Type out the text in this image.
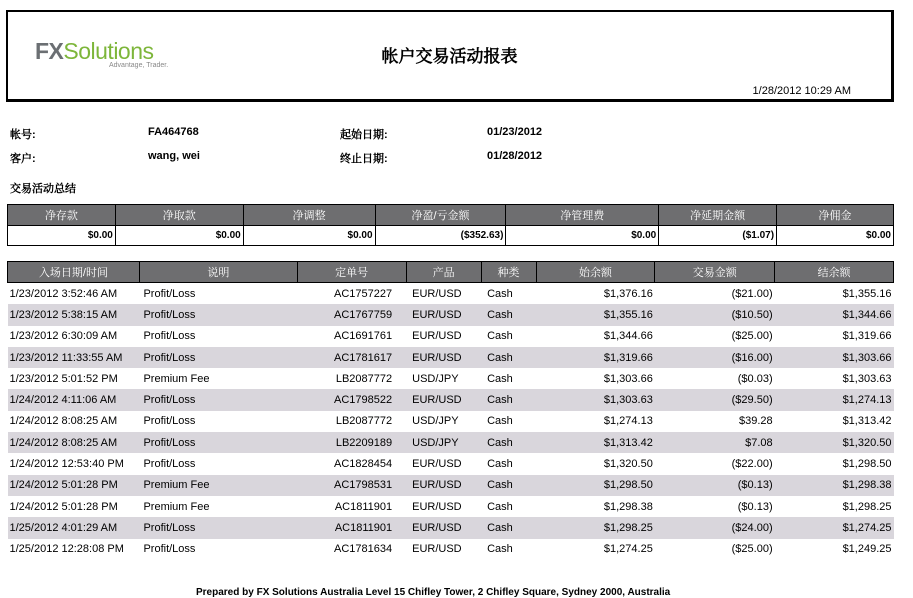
FXSolutions
Advantage, Trader.	帐户交易活动报表
1/28/2012 10:29 AM
帐号:	FA464768
客户:	wang, wei
起始日期:	01/23/2012
终止日期:	01/28/2012
交易活动总结
净存款	净取款	净调整	净盈/亏金额	净管理费	净延期金额	净佣金
$0.00	$0.00	$0.00	($352.63)	$0.00	($1.07)	$0.00
入场日期/时间	说明	定单号	产品	种类	始余额	交易金额	结余额
1/23/2012 3:52:46 AM	Profit/Loss	AC1757227	EUR/USD	Cash	$1,376.16	($21.00)	$1,355.16
1/23/2012 5:38:15 AM	Profit/Loss	AC1767759	EUR/USD	Cash	$1,355.16	($10.50)	$1,344.66
1/23/2012 6:30:09 AM	Profit/Loss	AC1691761	EUR/USD	Cash	$1,344.66	($25.00)	$1,319.66
1/23/2012 11:33:55 AM	Profit/Loss	AC1781617	EUR/USD	Cash	$1,319.66	($16.00)	$1,303.66
1/23/2012 5:01:52 PM	Premium Fee	LB2087772	USD/JPY	Cash	$1,303.66	($0.03)	$1,303.63
1/24/2012 4:11:06 AM	Profit/Loss	AC1798522	EUR/USD	Cash	$1,303.63	($29.50)	$1,274.13
1/24/2012 8:08:25 AM	Profit/Loss	LB2087772	USD/JPY	Cash	$1,274.13	$39.28	$1,313.42
1/24/2012 8:08:25 AM	Profit/Loss	LB2209189	USD/JPY	Cash	$1,313.42	$7.08	$1,320.50
1/24/2012 12:53:40 PM	Profit/Loss	AC1828454	EUR/USD	Cash	$1,320.50	($22.00)	$1,298.50
1/24/2012 5:01:28 PM	Premium Fee	AC1798531	EUR/USD	Cash	$1,298.50	($0.13)	$1,298.38
1/24/2012 5:01:28 PM	Premium Fee	AC1811901	EUR/USD	Cash	$1,298.38	($0.13)	$1,298.25
1/25/2012 4:01:29 AM	Profit/Loss	AC1811901	EUR/USD	Cash	$1,298.25	($24.00)	$1,274.25
1/25/2012 12:28:08 PM	Profit/Loss	AC1781634	EUR/USD	Cash	$1,274.25	($25.00)	$1,249.25
Prepared by FX Solutions Australia Level 15 Chifley Tower, 2 Chifley Square, Sydney 2000, Australia
